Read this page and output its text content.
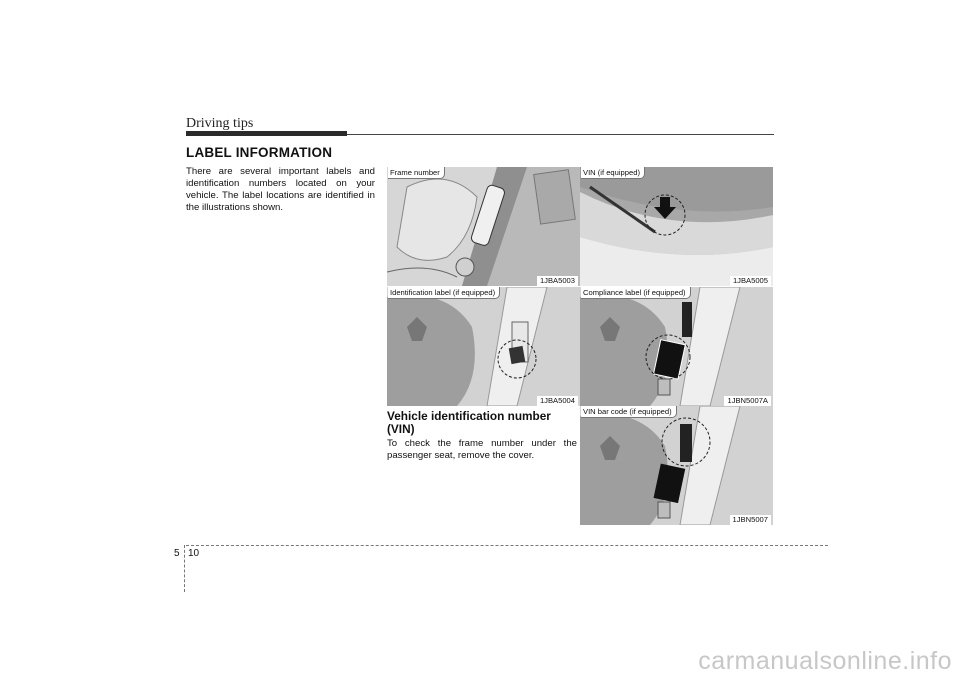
Driving tips
LABEL INFORMATION
There are several important labels and identification numbers located on your vehicle. The label locations are identified in the illustrations shown.
Vehicle identification number (VIN)
To check the frame number under the passenger seat, remove the cover.
Frame number
1JBA5003
VIN (if equipped)
1JBA5005
Identification label (if equipped)
1JBA5004
Compliance label (if equipped)
1JBN5007A
VIN bar code (if equipped)
1JBN5007
5 10
carmanualsonline.info
